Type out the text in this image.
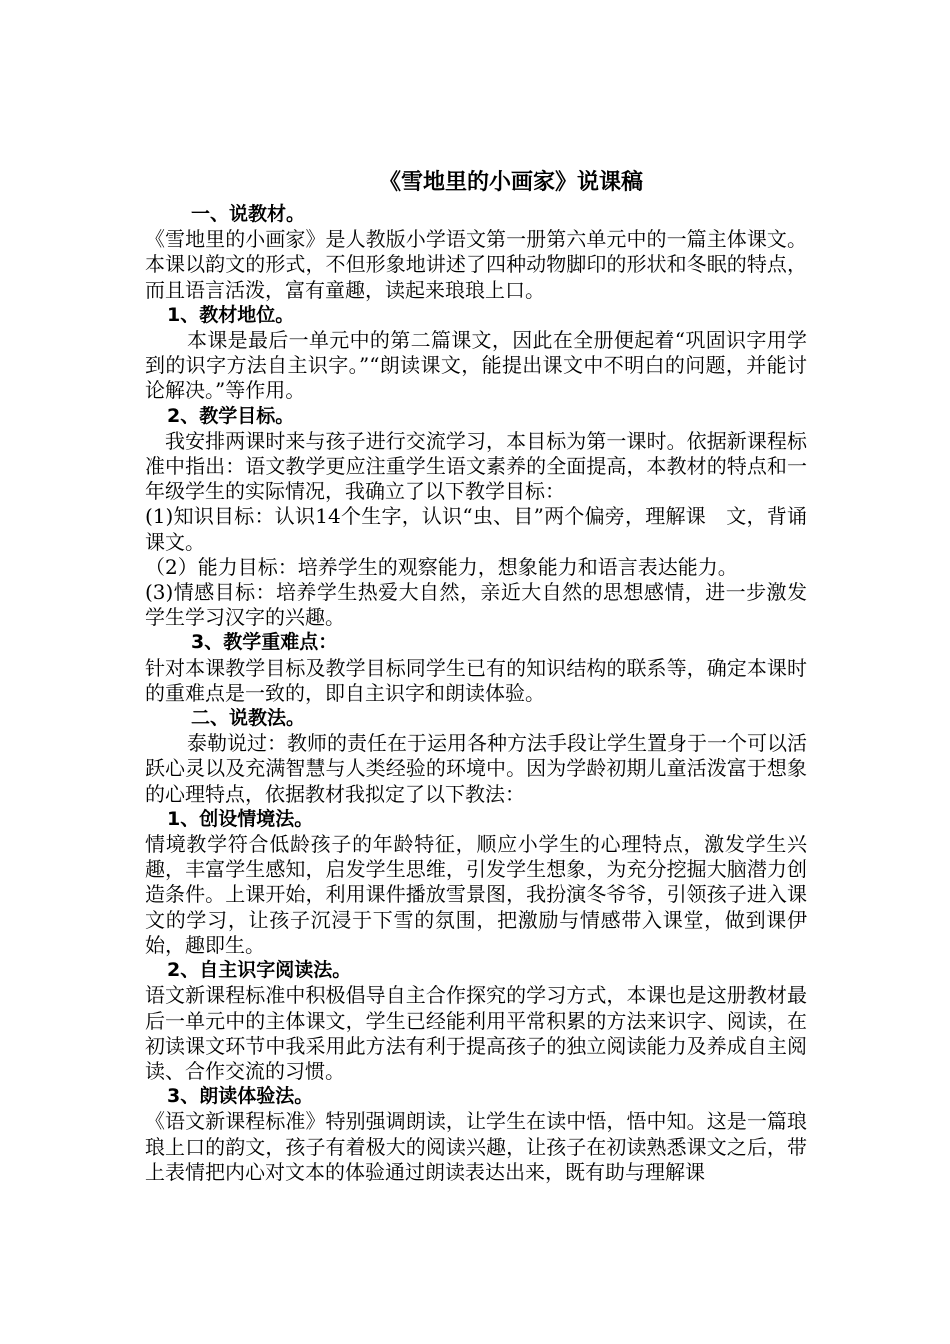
《雪地里的小画家》说课稿
一、说教材。

《雪地里的小画家》是人教版小学语文第一册第六单元中的一篇主体课文。本课以韵文的形式，不但形象地讲述了四种动物脚印的形状和冬眠的特点，而且语言活泼，富有童趣，读起来琅琅上口。

1、教材地位。

本课是最后一单元中的第二篇课文，因此在全册便起着“巩固识字用学到的识字方法自主识字。”“朗读课文，能提出课文中不明白的问题，并能讨论解决。”等作用。

2、教学目标。

我安排两课时来与孩子进行交流学习，本目标为第一课时。依据新课程标准中指出：语文教学更应注重学生语文素养的全面提高，本教材的特点和一年级学生的实际情况，我确立了以下教学目标：

(1)知识目标：认识14个生字，认识“虫、目”两个偏旁，理解课　文，背诵课文。

（2）能力目标：培养学生的观察能力，想象能力和语言表达能力。

(3)情感目标：培养学生热爱大自然，亲近大自然的思想感情，进一步激发学生学习汉字的兴趣。

3、教学重难点：

针对本课教学目标及教学目标同学生已有的知识结构的联系等，确定本课时的重难点是一致的，即自主识字和朗读体验。

二、说教法。

泰勒说过：教师的责任在于运用各种方法手段让学生置身于一个可以活跃心灵以及充满智慧与人类经验的环境中。因为学龄初期儿童活泼富于想象的心理特点，依据教材我拟定了以下教法：

1、创设情境法。

情境教学符合低龄孩子的年龄特征，顺应小学生的心理特点，激发学生兴趣，丰富学生感知，启发学生思维，引发学生想象，为充分挖掘大脑潜力创造条件。上课开始，利用课件播放雪景图，我扮演冬爷爷，引领孩子进入课文的学习，让孩子沉浸于下雪的氛围，把激励与情感带入课堂，做到课伊始，趣即生。

2、自主识字阅读法。

语文新课程标准中积极倡导自主合作探究的学习方式，本课也是这册教材最后一单元中的主体课文，学生已经能利用平常积累的方法来识字、阅读，在初读课文环节中我采用此方法有利于提高孩子的独立阅读能力及养成自主阅读、合作交流的习惯。

3、朗读体验法。

《语文新课程标准》特别强调朗读，让学生在读中悟，悟中知。这是一篇琅琅上口的韵文，孩子有着极大的阅读兴趣，让孩子在初读熟悉课文之后，带上表情把内心对文本的体验通过朗读表达出来，既有助与理解课
